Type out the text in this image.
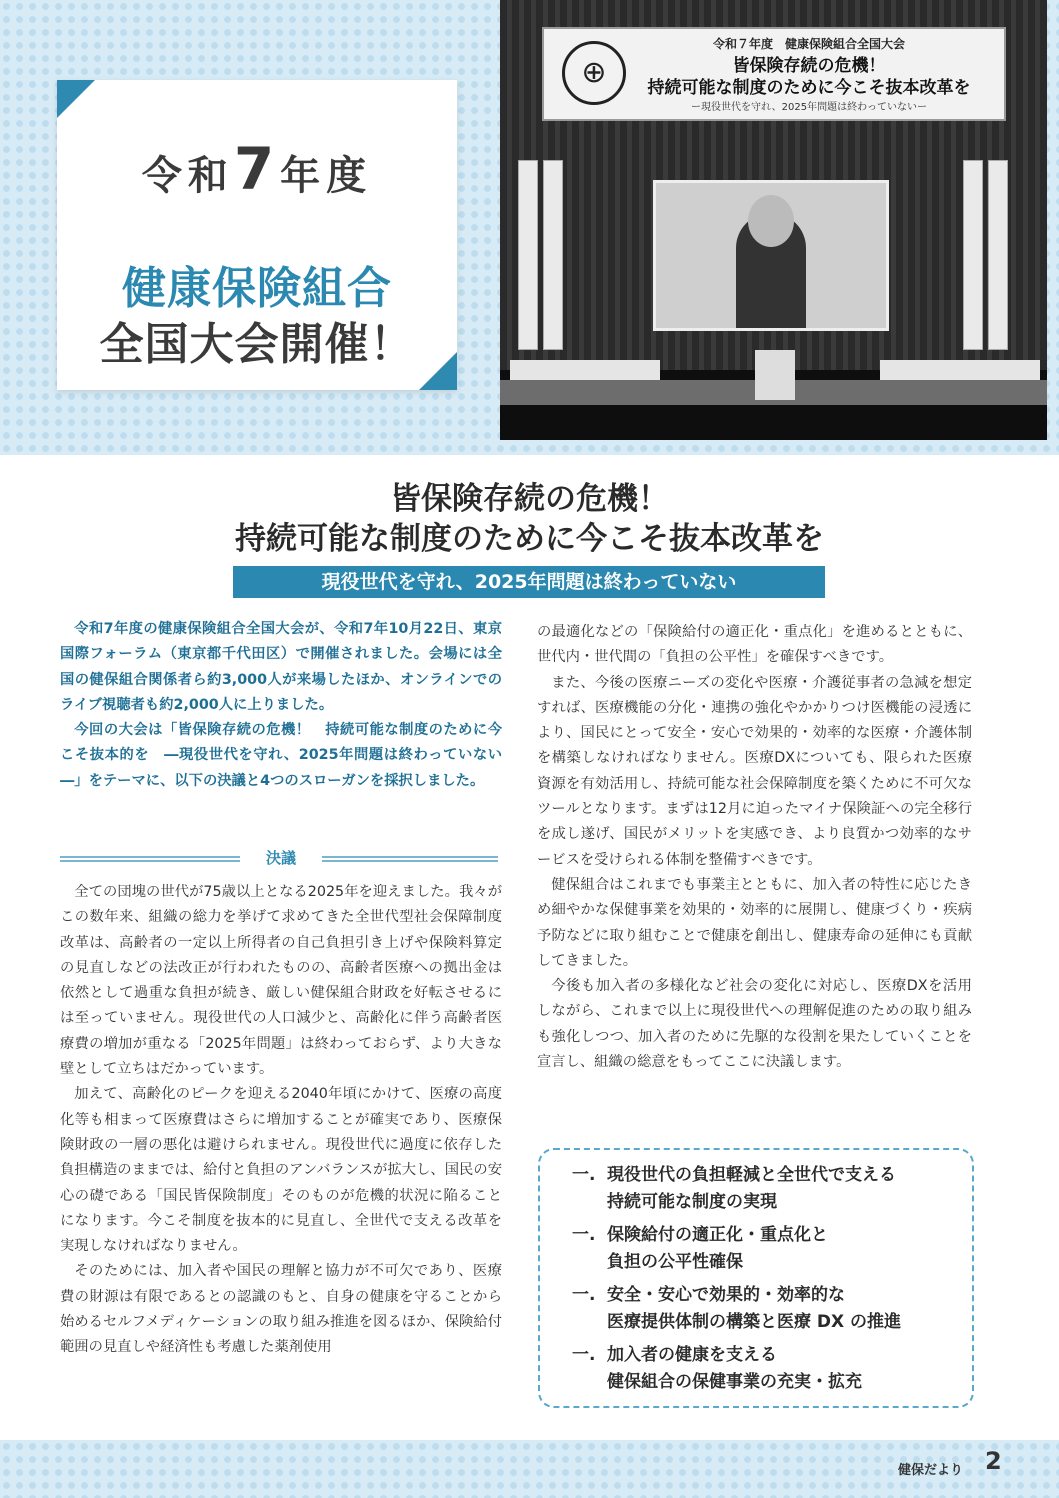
令和7年度
健康保険組合
全国大会開催！
⊕
令和７年度　健康保険組合全国大会
皆保険存続の危機！
持続可能な制度のために今こそ抜本改革を
ー現役世代を守れ、2025年問題は終わっていないー
皆保険存続の危機！
持続可能な制度のために今こそ抜本改革を
現役世代を守れ、2025年問題は終わっていない

令和7年度の健康保険組合全国大会が、令和7年10月22日、東京国際フォーラム（東京都千代田区）で開催されました。会場には全国の健保組合関係者ら約3,000人が来場したほか、オンラインでのライブ視聴者も約2,000人に上りました。

今回の大会は「皆保険存続の危機！　持続可能な制度のために今こそ抜本的を　―現役世代を守れ、2025年問題は終わっていない―」をテーマに、以下の決議と4つのスローガンを採択しました。

決議

全ての団塊の世代が75歳以上となる2025年を迎えました。我々がこの数年来、組織の総力を挙げて求めてきた全世代型社会保障制度改革は、高齢者の一定以上所得者の自己負担引き上げや保険料算定の見直しなどの法改正が行われたものの、高齢者医療への拠出金は依然として過重な負担が続き、厳しい健保組合財政を好転させるには至っていません。現役世代の人口減少と、高齢化に伴う高齢者医療費の増加が重なる「2025年問題」は終わっておらず、より大きな壁として立ちはだかっています。

加えて、高齢化のピークを迎える2040年頃にかけて、医療の高度化等も相まって医療費はさらに増加することが確実であり、医療保険財政の一層の悪化は避けられません。現役世代に過度に依存した負担構造のままでは、給付と負担のアンバランスが拡大し、国民の安心の礎である「国民皆保険制度」そのものが危機的状況に陥ることになります。今こそ制度を抜本的に見直し、全世代で支える改革を実現しなければなりません。

そのためには、加入者や国民の理解と協力が不可欠であり、医療費の財源は有限であるとの認識のもと、自身の健康を守ることから始めるセルフメディケーションの取り組み推進を図るほか、保険給付範囲の見直しや経済性も考慮した薬剤使用

の最適化などの「保険給付の適正化・重点化」を進めるとともに、世代内・世代間の「負担の公平性」を確保すべきです。

また、今後の医療ニーズの変化や医療・介護従事者の急減を想定すれば、医療機能の分化・連携の強化やかかりつけ医機能の浸透により、国民にとって安全・安心で効果的・効率的な医療・介護体制を構築しなければなりません。医療DXについても、限られた医療資源を有効活用し、持続可能な社会保障制度を築くために不可欠なツールとなります。まずは12月に迫ったマイナ保険証への完全移行を成し遂げ、国民がメリットを実感でき、より良質かつ効率的なサービスを受けられる体制を整備すべきです。

健保組合はこれまでも事業主とともに、加入者の特性に応じたきめ細やかな保健事業を効果的・効率的に展開し、健康づくり・疾病予防などに取り組むことで健康を創出し、健康寿命の延伸にも貢献してきました。

今後も加入者の多様化など社会の変化に対応し、医療DXを活用しながら、これまで以上に現役世代への理解促進のための取り組みも強化しつつ、加入者のために先駆的な役割を果たしていくことを宣言し、組織の総意をもってここに決議します。

一. 現役世代の負担軽減と全世代で支える
持続可能な制度の実現
一. 保険給付の適正化・重点化と
負担の公平性確保
一. 安全・安心で効果的・効率的な
医療提供体制の構築と医療 DX の推進
一. 加入者の健康を支える
健保組合の保健事業の充実・拡充
健保だより 2
